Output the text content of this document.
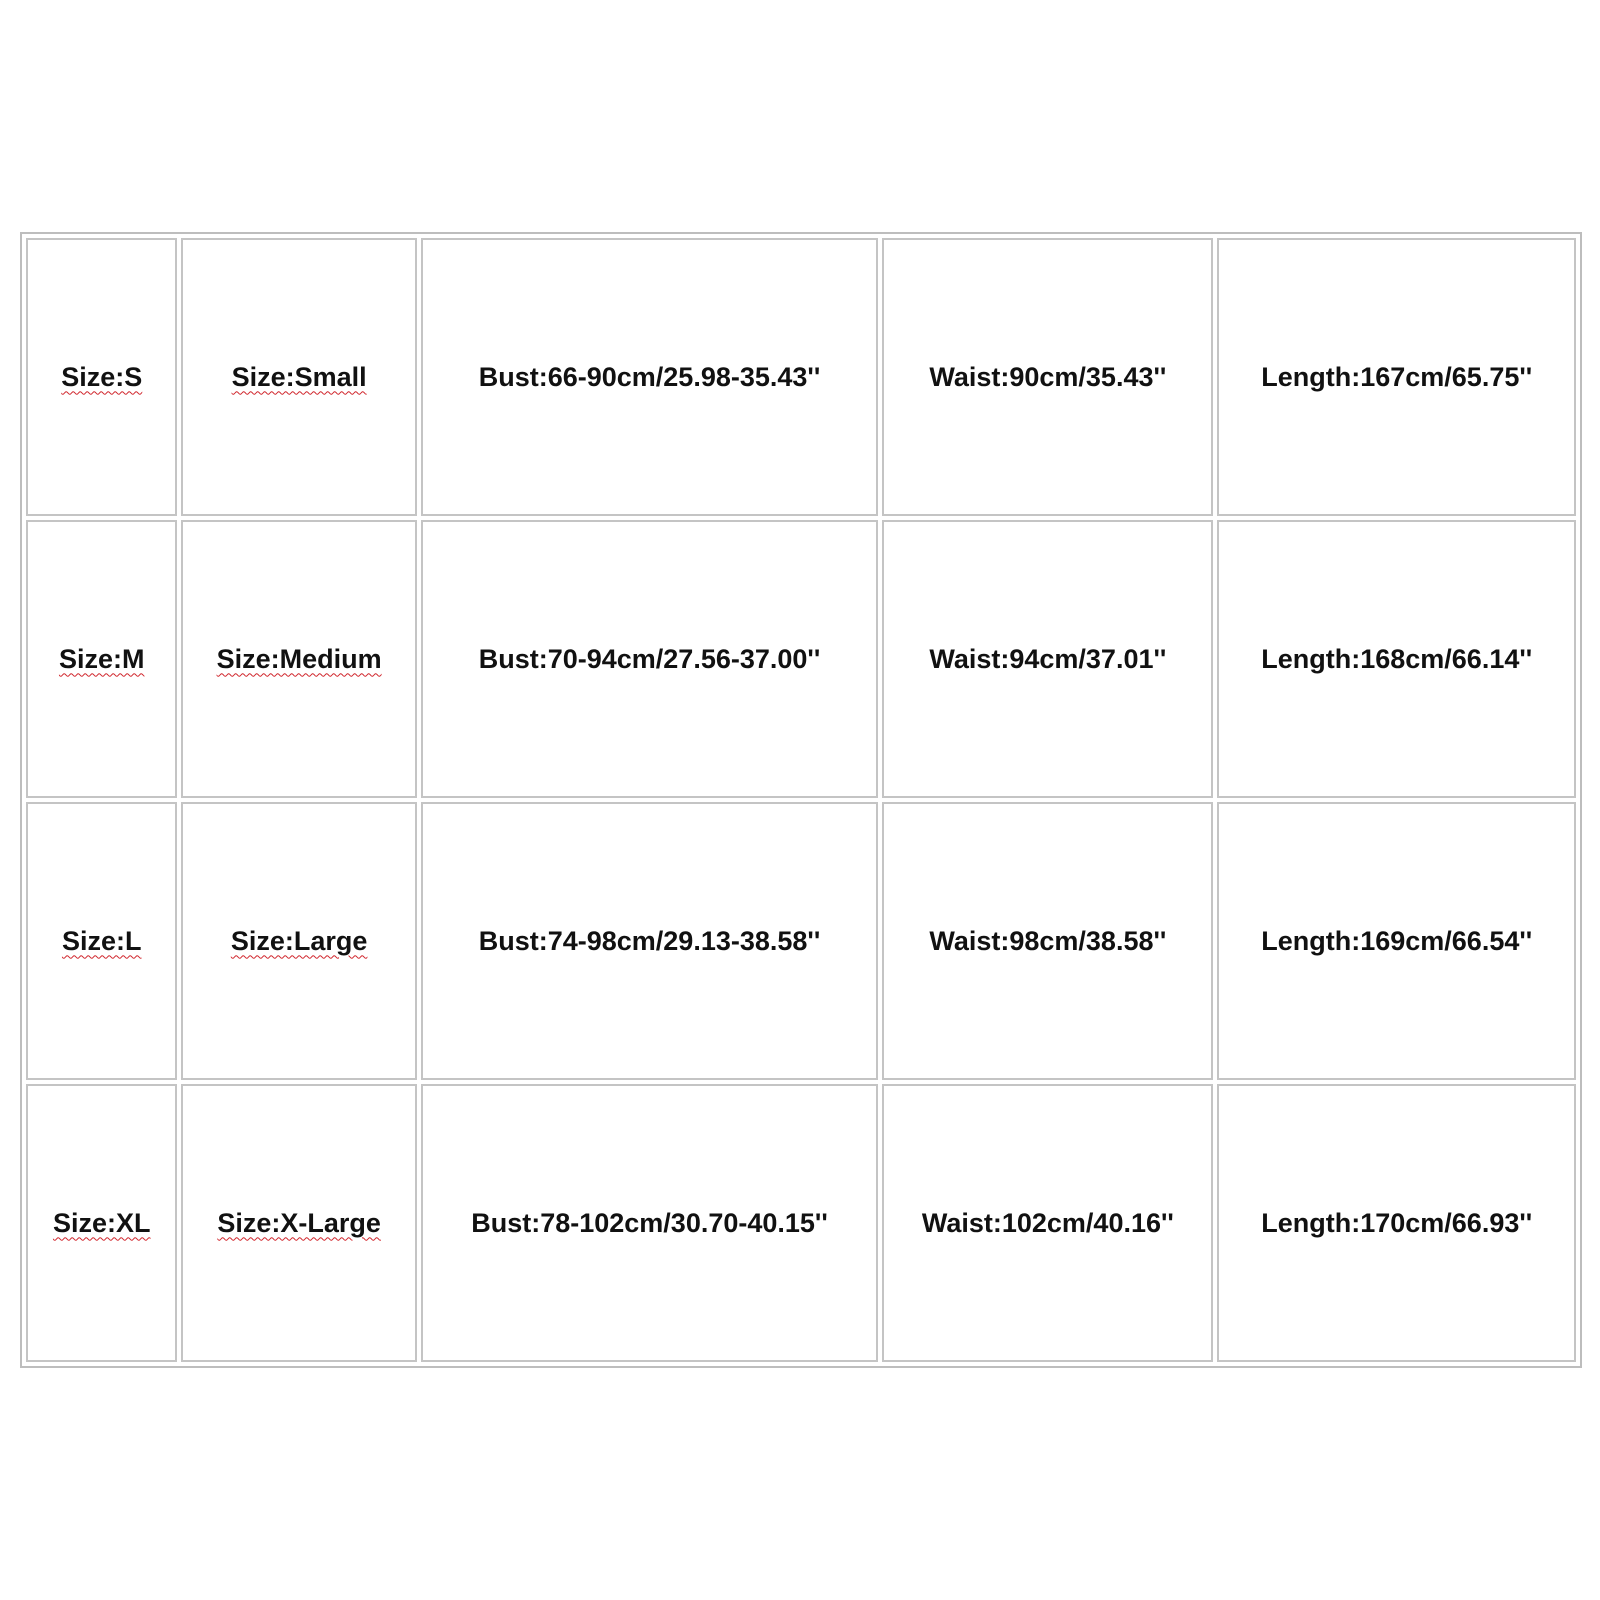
Size:S	Size:Small	Bust:66-90cm/25.98-35.43''	Waist:90cm/35.43''	Length:167cm/65.75''
Size:M	Size:Medium	Bust:70-94cm/27.56-37.00''	Waist:94cm/37.01''	Length:168cm/66.14''
Size:L	Size:Large	Bust:74-98cm/29.13-38.58''	Waist:98cm/38.58''	Length:169cm/66.54''
Size:XL	Size:X-Large	Bust:78-102cm/30.70-40.15''	Waist:102cm/40.16''	Length:170cm/66.93''
